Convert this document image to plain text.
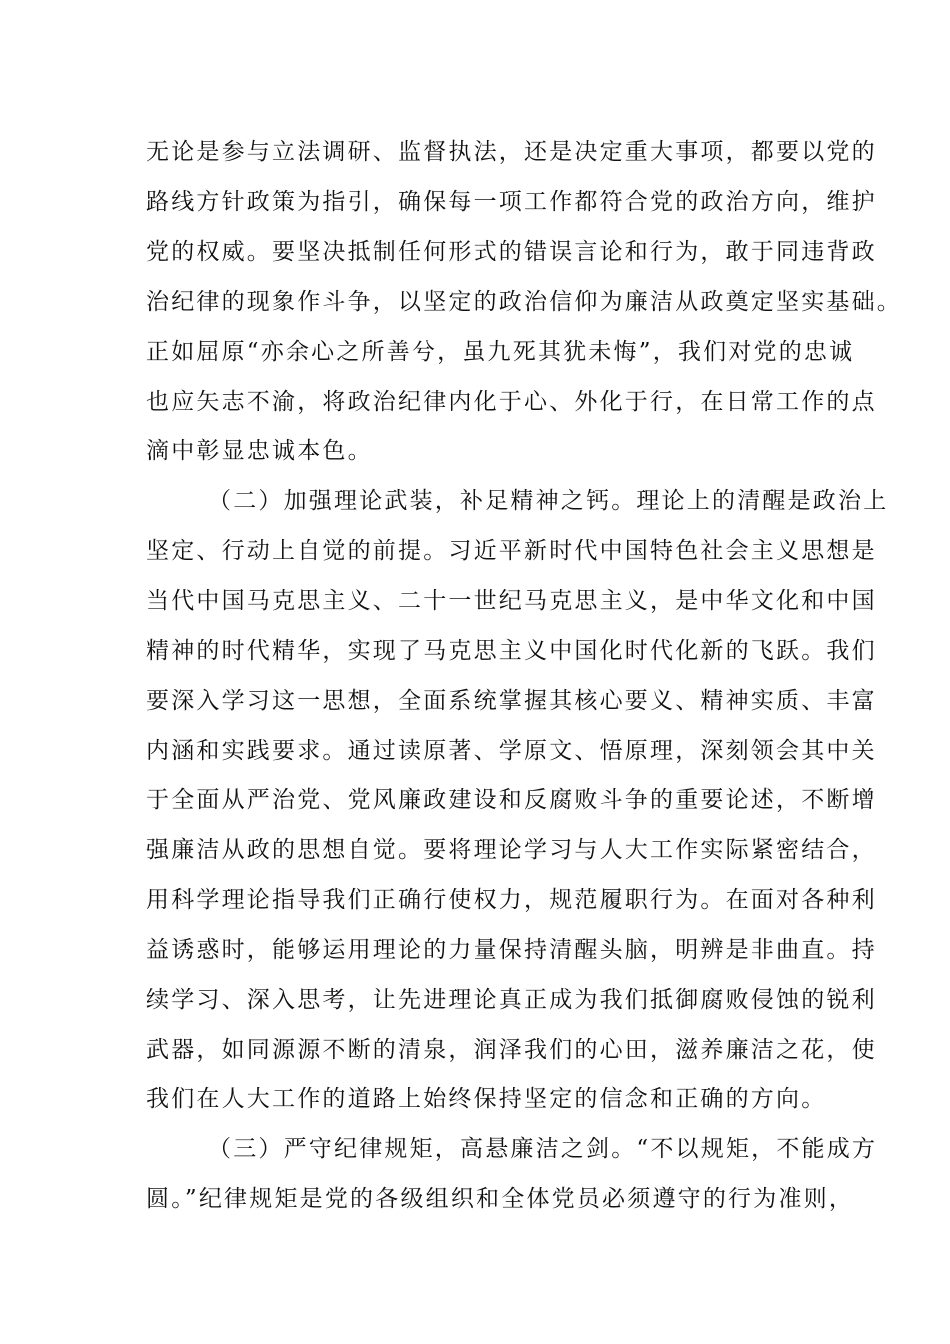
无论是参与立法调研、监督执法，还是决定重大事项，都要以党的
路线方针政策为指引，确保每一项工作都符合党的政治方向，维护
党的权威。要坚决抵制任何形式的错误言论和行为，敢于同违背政
治纪律的现象作斗争，以坚定的政治信仰为廉洁从政奠定坚实基础。
正如屈原“亦余心之所善兮，虽九死其犹未悔”，我们对党的忠诚
也应矢志不渝，将政治纪律内化于心、外化于行，在日常工作的点
滴中彰显忠诚本色。
（二）加强理论武装，补足精神之钙。理论上的清醒是政治上
坚定、行动上自觉的前提。习近平新时代中国特色社会主义思想是
当代中国马克思主义、二十一世纪马克思主义，是中华文化和中国
精神的时代精华，实现了马克思主义中国化时代化新的飞跃。我们
要深入学习这一思想，全面系统掌握其核心要义、精神实质、丰富
内涵和实践要求。通过读原著、学原文、悟原理，深刻领会其中关
于全面从严治党、党风廉政建设和反腐败斗争的重要论述，不断增
强廉洁从政的思想自觉。要将理论学习与人大工作实际紧密结合，
用科学理论指导我们正确行使权力，规范履职行为。在面对各种利
益诱惑时，能够运用理论的力量保持清醒头脑，明辨是非曲直。持
续学习、深入思考，让先进理论真正成为我们抵御腐败侵蚀的锐利
武器，如同源源不断的清泉，润泽我们的心田，滋养廉洁之花，使
我们在人大工作的道路上始终保持坚定的信念和正确的方向。
（三）严守纪律规矩，高悬廉洁之剑。“不以规矩，不能成方
圆。”纪律规矩是党的各级组织和全体党员必须遵守的行为准则，
